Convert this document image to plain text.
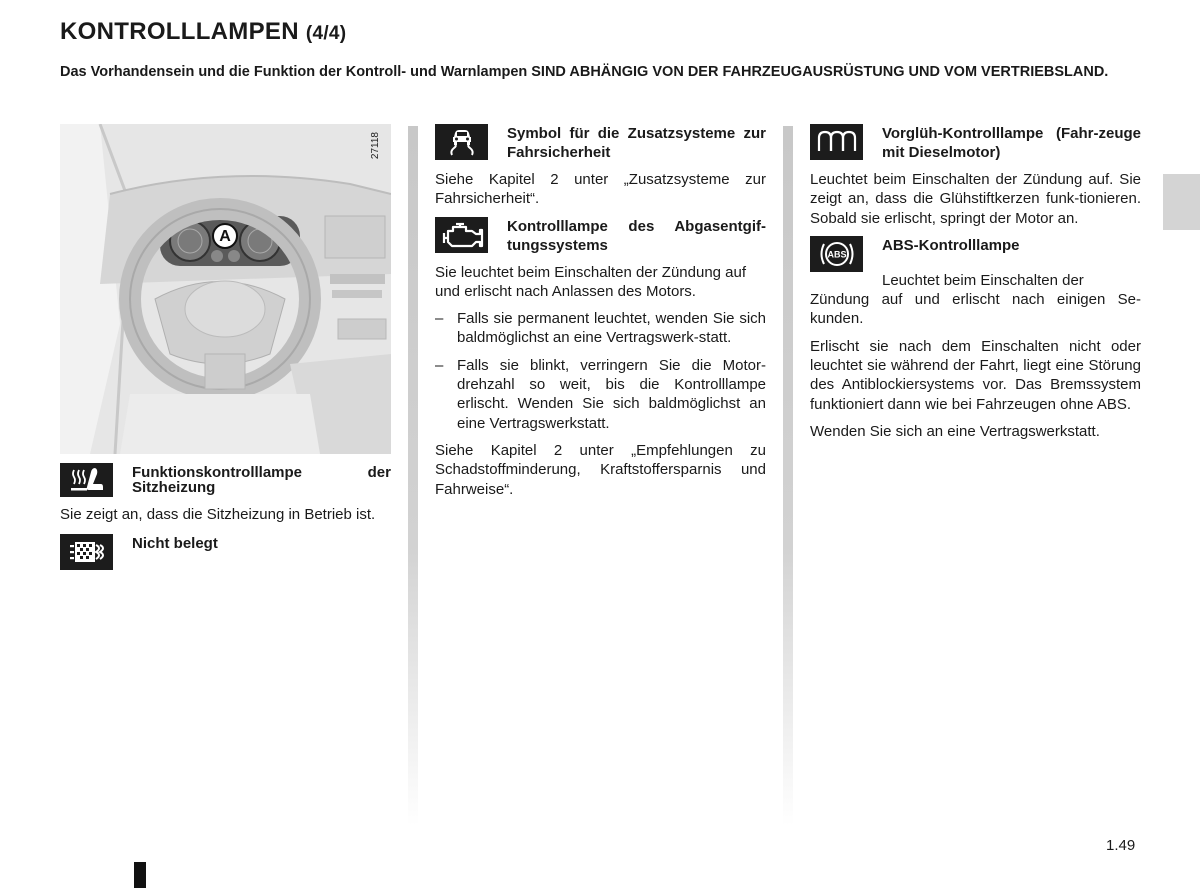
KONTROLLLAMPEN (4/4)
Das Vorhandensein und die Funktion der Kontroll- und Warnlampen SIND ABHÄNGIG VON DER FAHRZEUGAUSRÜSTUNG UND VOM VERTRIEBSLAND.
A
27118
Funktionskontrolllampe der
Sitzheizung

Sie zeigt an, dass die Sitzheizung in Betrieb ist.

Nicht belegt
Symbol für die Zusatzsysteme zur Fahrsicherheit

Siehe Kapitel 2 unter „Zusatzsysteme zur Fahrsicherheit“.

Kontrolllampe des Abgasentgif-tungssystems

Sie leuchtet beim Einschalten der Zündung auf und erlischt nach Anlassen des Motors.

– Falls sie permanent leuchtet, wenden Sie sich baldmöglichst an eine Vertragswerk-statt.
– Falls sie blinkt, verringern Sie die Motor-drehzahl so weit, bis die Kontrolllampe erlischt. Wenden Sie sich baldmöglichst an eine Vertragswerkstatt.

Siehe Kapitel 2 unter „Empfehlungen zu Schadstoffminderung, Kraftstoffersparnis und Fahrweise“.

Vorglüh-Kontrolllampe (Fahr-zeuge mit Dieselmotor)

Leuchtet beim Einschalten der Zündung auf. Sie zeigt an, dass die Glühstiftkerzen funk-tionieren. Sobald sie erlischt, springt der Motor an.

ABS
ABS-Kontrolllampe
Leuchtet beim Einschalten der
Zündung auf und erlischt nach einigen Se-kunden.

Erlischt sie nach dem Einschalten nicht oder leuchtet sie während der Fahrt, liegt eine Störung des Antiblockiersystems vor. Das Bremssystem funktioniert dann wie bei Fahrzeugen ohne ABS.

Wenden Sie sich an eine Vertragswerkstatt.

1.49
